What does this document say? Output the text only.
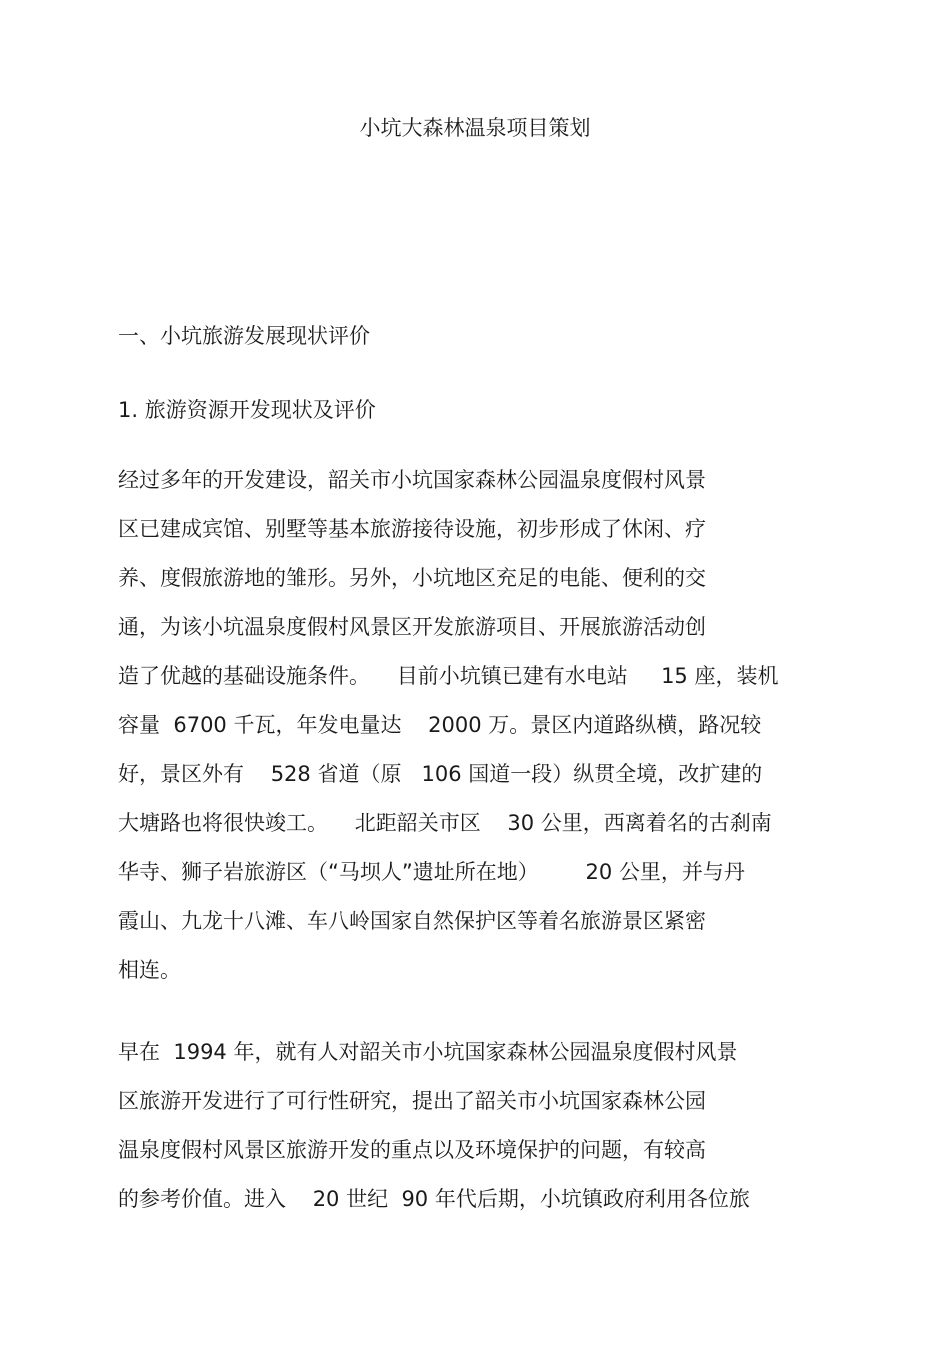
小坑大森林温泉项目策划
一、小坑旅游发展现状评价
1. 旅游资源开发现状及评价
经过多年的开发建设，韶关市小坑国家森林公园温泉度假村风景
区已建成宾馆、别墅等基本旅游接待设施，初步形成了休闲、疗
养、度假旅游地的雏形。另外，小坑地区充足的电能、便利的交
通，为该小坑温泉度假村风景区开发旅游项目、开展旅游活动创
造了优越的基础设施条件。    目前小坑镇已建有水电站     15 座，装机
容量  6700 千瓦，年发电量达    2000 万。景区内道路纵横，路况较
好，景区外有    528 省道（原   106 国道一段）纵贯全境，改扩建的
大塘路也将很快竣工。    北距韶关市区    30 公里，西离着名的古刹南
华寺、狮子岩旅游区（“马坝人”遗址所在地）       20 公里，并与丹
霞山、九龙十八滩、车八岭国家自然保护区等着名旅游景区紧密
相连。
早在  1994 年，就有人对韶关市小坑国家森林公园温泉度假村风景
区旅游开发进行了可行性研究，提出了韶关市小坑国家森林公园
温泉度假村风景区旅游开发的重点以及环境保护的问题，有较高
的参考价值。进入    20 世纪  90 年代后期，小坑镇政府利用各位旅
